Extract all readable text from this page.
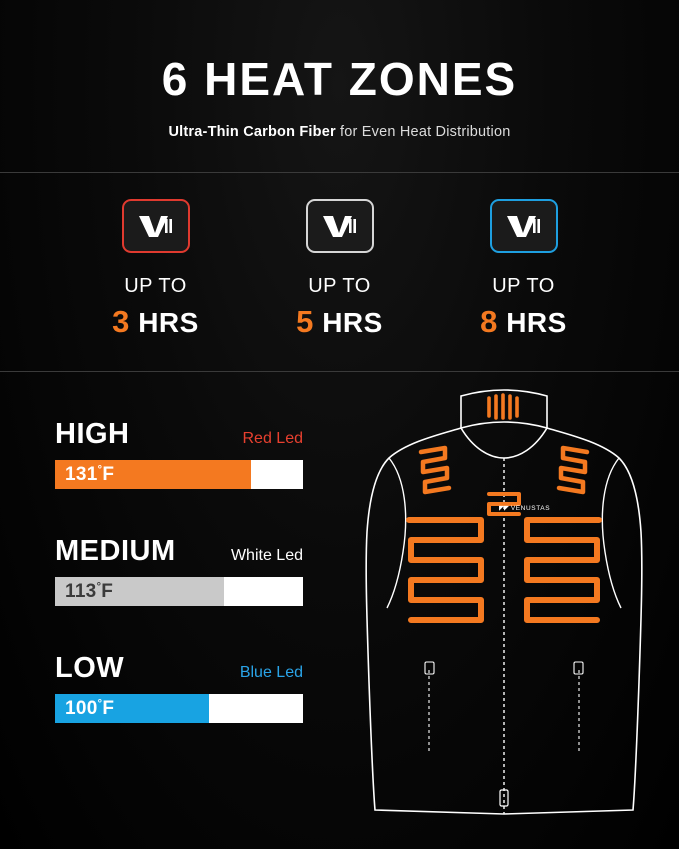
6 HEAT ZONES
Ultra-Thin Carbon Fiber for Even Heat Distribution
UP TO
3 HRS
UP TO
5 HRS
UP TO
8 HRS
HIGH	Red Led
131°F
MEDIUM	White Led
113°F
LOW	Blue Led
100°F
◤◤ VENUSTAS
